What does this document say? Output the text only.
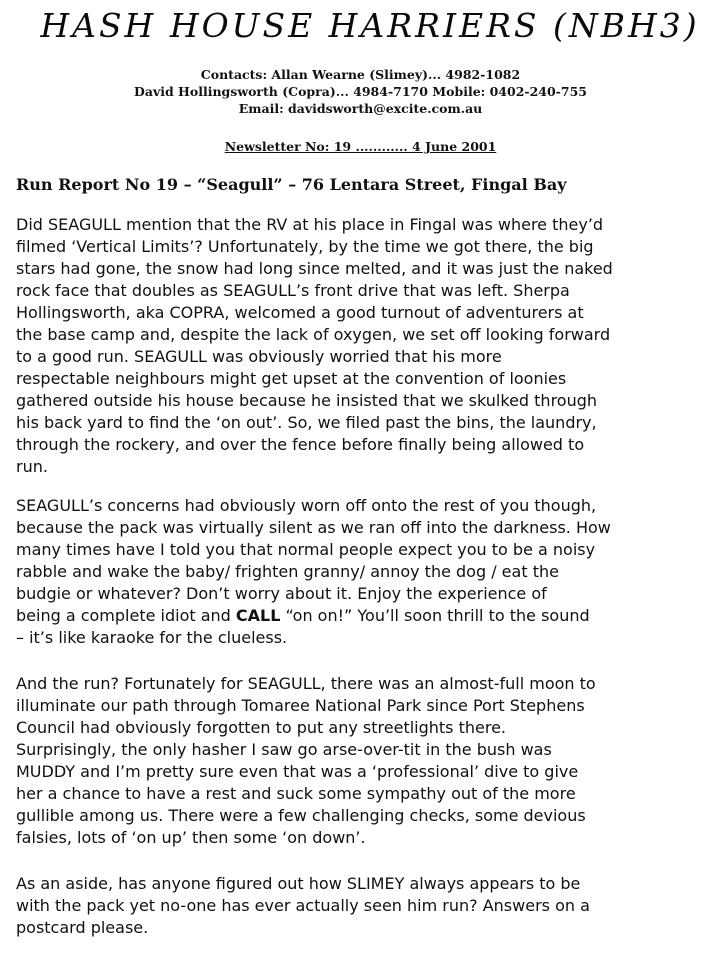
HASH HOUSE HARRIERS (NBH3)
Contacts: Allan Wearne (Slimey)... 4982-1082
David Hollingsworth (Copra)... 4984-7170 Mobile: 0402-240-755
Email: davidsworth@excite.com.au
Newsletter No: 19 ............ 4 June 2001
Run Report No 19 – “Seagull” – 76 Lentara Street, Fingal Bay
Did SEAGULL mention that the RV at his place in Fingal was where they’d
filmed ‘Vertical Limits’? Unfortunately, by the time we got there, the big
stars had gone, the snow had long since melted, and it was just the naked
rock face that doubles as SEAGULL’s front drive that was left. Sherpa
Hollingsworth, aka COPRA, welcomed a good turnout of adventurers at
the base camp and, despite the lack of oxygen, we set off looking forward
to a good run. SEAGULL was obviously worried that his more
respectable neighbours might get upset at the convention of loonies
gathered outside his house because he insisted that we skulked through
his back yard to find the ‘on out’. So, we filed past the bins, the laundry,
through the rockery, and over the fence before finally being allowed to
run.
SEAGULL’s concerns had obviously worn off onto the rest of you though,
because the pack was virtually silent as we ran off into the darkness. How
many times have I told you that normal people expect you to be a noisy
rabble and wake the baby/ frighten granny/ annoy the dog / eat the
budgie or whatever? Don’t worry about it. Enjoy the experience of
being a complete idiot and CALL “on on!” You’ll soon thrill to the sound
– it’s like karaoke for the clueless.
And the run? Fortunately for SEAGULL, there was an almost-full moon to
illuminate our path through Tomaree National Park since Port Stephens
Council had obviously forgotten to put any streetlights there.
Surprisingly, the only hasher I saw go arse-over-tit in the bush was
MUDDY and I’m pretty sure even that was a ‘professional’ dive to give
her a chance to have a rest and suck some sympathy out of the more
gullible among us. There were a few challenging checks, some devious
falsies, lots of ‘on up’ then some ‘on down’.
As an aside, has anyone figured out how SLIMEY always appears to be
with the pack yet no-one has ever actually seen him run? Answers on a
postcard please.
